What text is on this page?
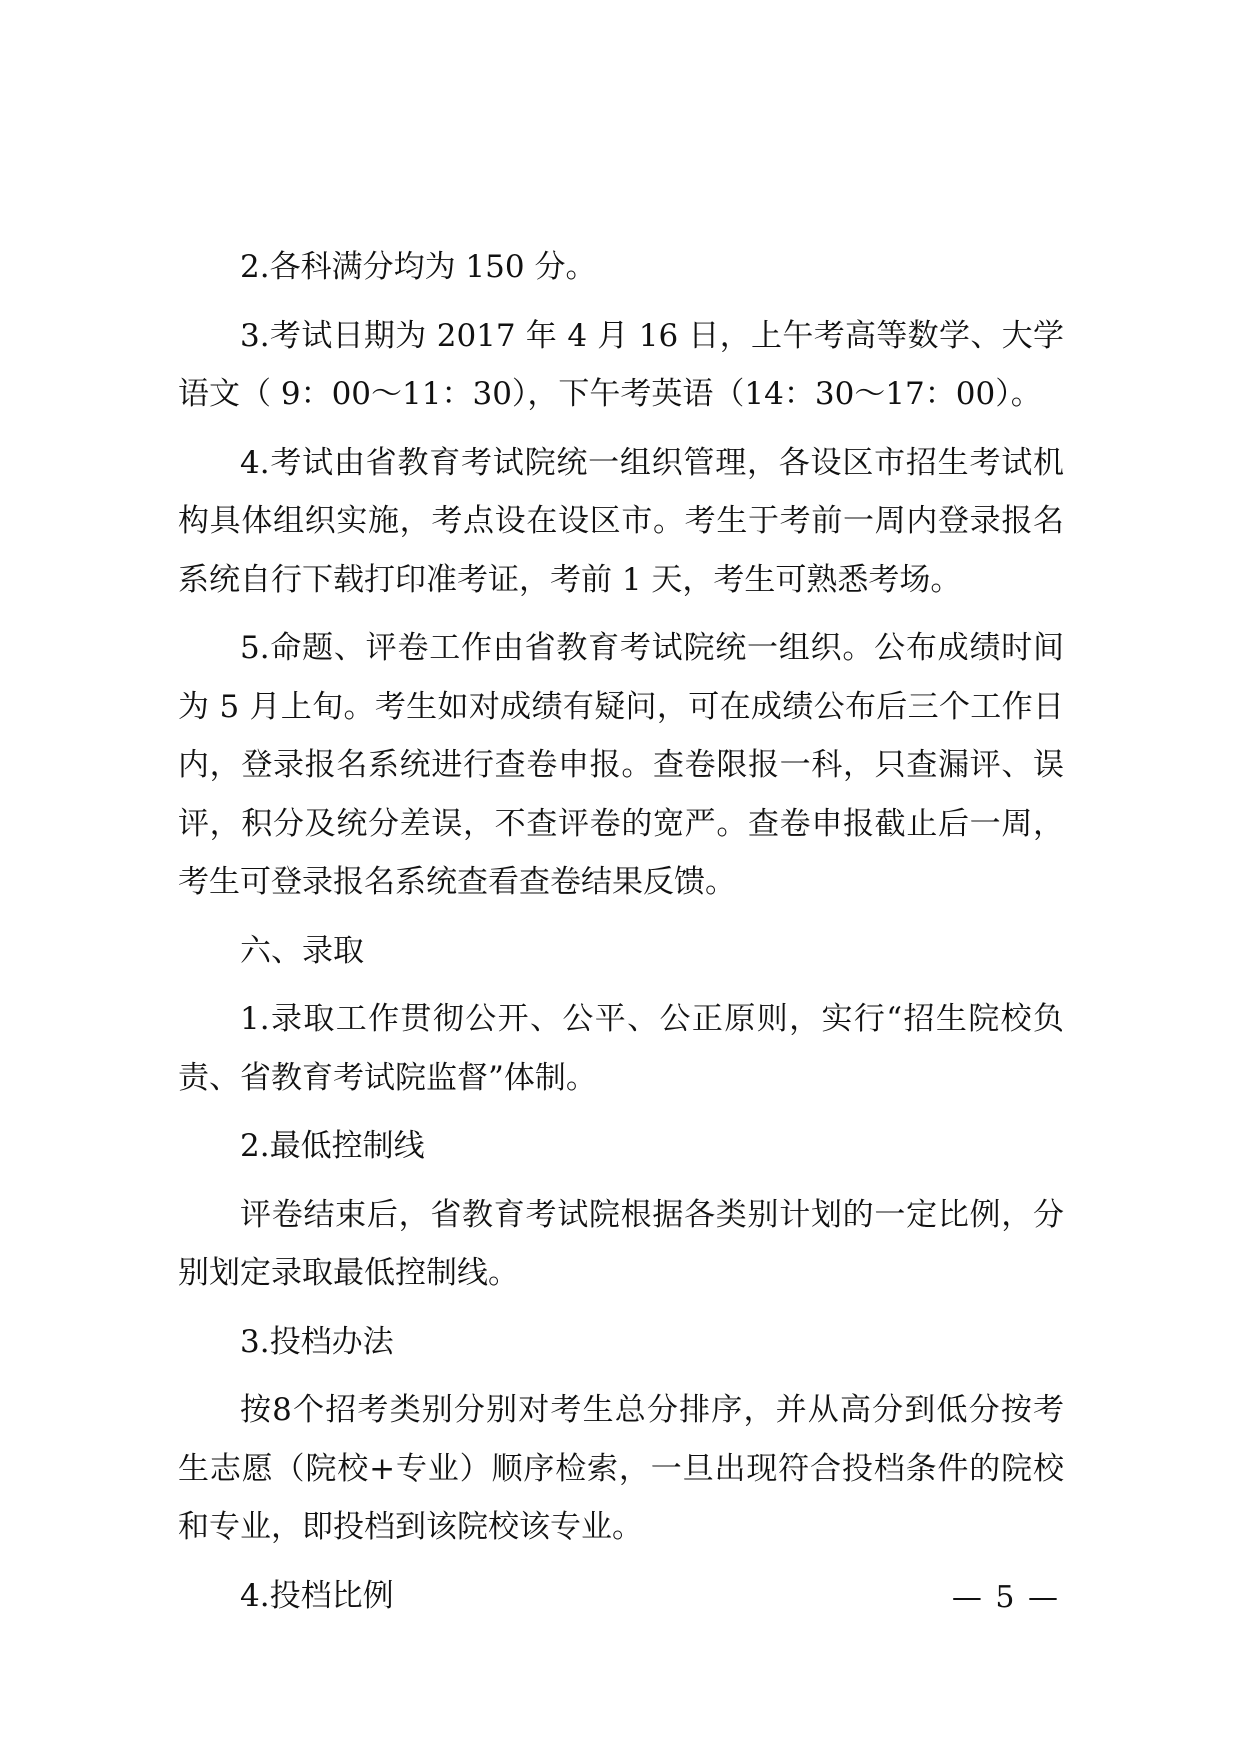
2.各科满分均为 150 分。

3.考试日期为 2017 年 4 月 16 日，上午考高等数学、大学语文（ 9：00～11：30），下午考英语（14：30～17：00）。

4.考试由省教育考试院统一组织管理，各设区市招生考试机构具体组织实施，考点设在设区市。考生于考前一周内登录报名系统自行下载打印准考证，考前 1 天，考生可熟悉考场。

5.命题、评卷工作由省教育考试院统一组织。公布成绩时间为 5 月上旬。考生如对成绩有疑问，可在成绩公布后三个工作日内，登录报名系统进行查卷申报。查卷限报一科，只查漏评、误评，积分及统分差误，不查评卷的宽严。查卷申报截止后一周，考生可登录报名系统查看查卷结果反馈。

六、录取

1.录取工作贯彻公开、公平、公正原则，实行“招生院校负责、省教育考试院监督”体制。

2.最低控制线

评卷结束后，省教育考试院根据各类别计划的一定比例，分别划定录取最低控制线。

3.投档办法

按8个招考类别分别对考生总分排序，并从高分到低分按考生志愿（院校+专业）顺序检索，一旦出现符合投档条件的院校和专业，即投档到该院校该专业。

4.投档比例	— 5 —
